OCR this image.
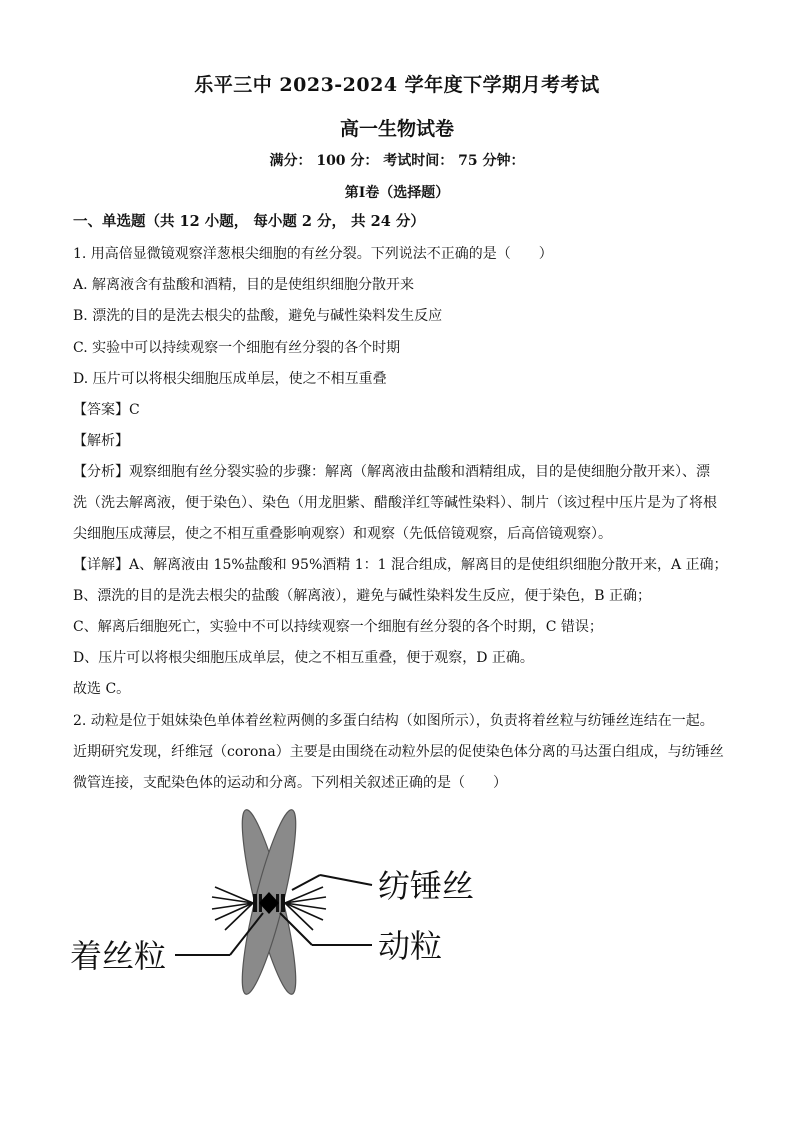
乐平三中 2023-2024 学年度下学期月考考试
高一生物试卷
满分： 100 分： 考试时间： 75 分钟：
第Ⅰ卷（选择题）
一、单选题（共 12 小题， 每小题 2 分， 共 24 分）
1. 用高倍显微镜观察洋葱根尖细胞的有丝分裂。下列说法不正确的是（　　）
A. 解离液含有盐酸和酒精，目的是使组织细胞分散开来
B. 漂洗的目的是洗去根尖的盐酸，避免与碱性染料发生反应
C. 实验中可以持续观察一个细胞有丝分裂的各个时期
D. 压片可以将根尖细胞压成单层，使之不相互重叠
【答案】C
【解析】
【分析】观察细胞有丝分裂实验的步骤：解离（解离液由盐酸和酒精组成，目的是使细胞分散开来）、漂
洗（洗去解离液，便于染色）、染色（用龙胆紫、醋酸洋红等碱性染料）、制片（该过程中压片是为了将根
尖细胞压成薄层，使之不相互重叠影响观察）和观察（先低倍镜观察，后高倍镜观察）。
【详解】A、解离液由 15%盐酸和 95%酒精 1：1 混合组成，解离目的是使组织细胞分散开来，A 正确；
B、漂洗的目的是洗去根尖的盐酸（解离液），避免与碱性染料发生反应，便于染色，B 正确；
C、解离后细胞死亡，实验中不可以持续观察一个细胞有丝分裂的各个时期，C 错误；
D、压片可以将根尖细胞压成单层，使之不相互重叠，便于观察，D 正确。
故选 C。
2. 动粒是位于姐妹染色单体着丝粒两侧的多蛋白结构（如图所示），负责将着丝粒与纺锤丝连结在一起。
近期研究发现，纤维冠（corona）主要是由围绕在动粒外层的促使染色体分离的马达蛋白组成，与纺锤丝
微管连接，支配染色体的运动和分离。下列相关叙述正确的是（　　）
纺锤丝
动粒
着丝粒
